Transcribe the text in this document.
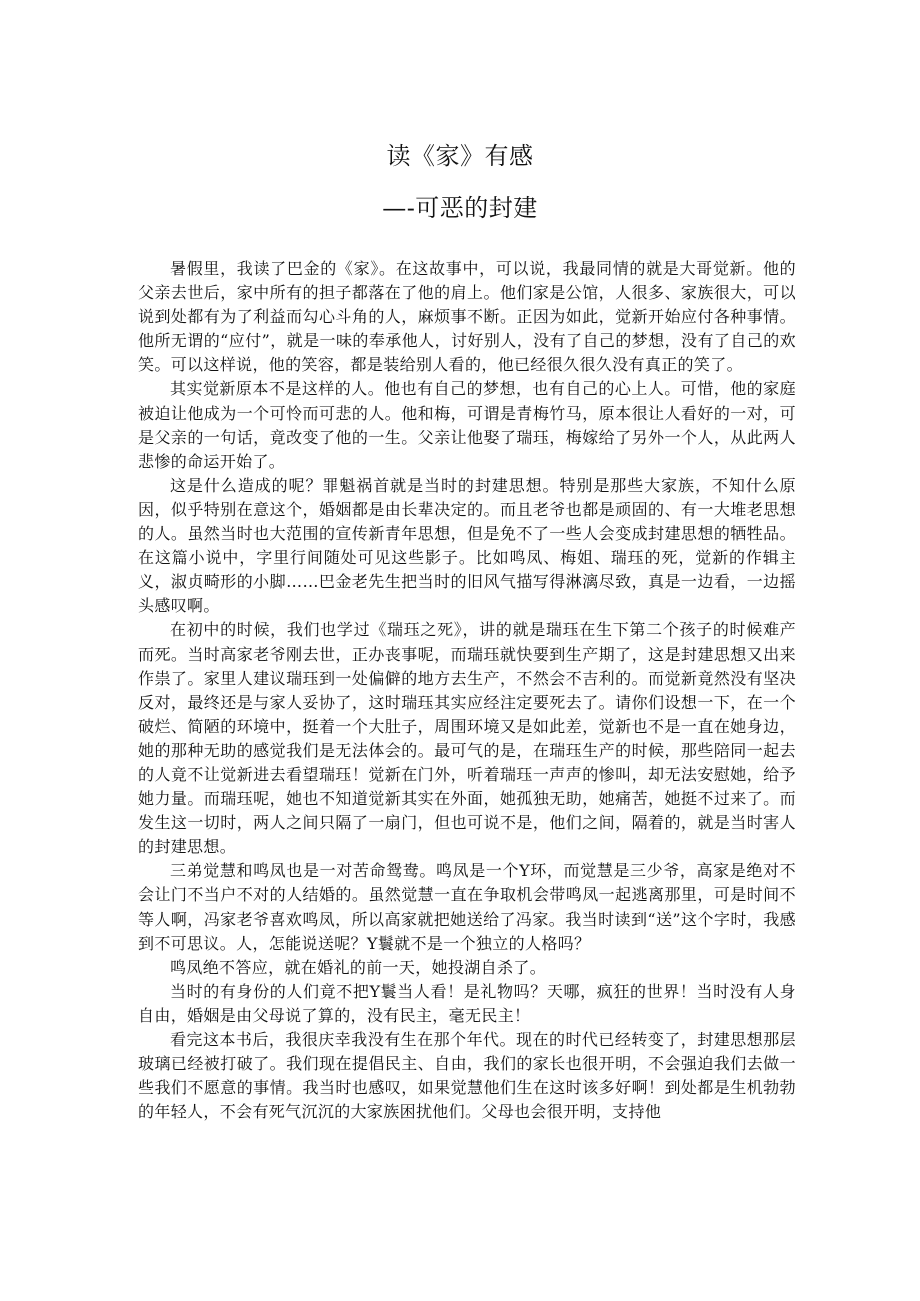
读《家》有感
—-可恶的封建

暑假里，我读了巴金的《家》。在这故事中，可以说，我最同情的就是大哥觉新。他的父亲去世后，家中所有的担子都落在了他的肩上。他们家是公馆，人很多、家族很大，可以说到处都有为了利益而勾心斗角的人，麻烦事不断。正因为如此，觉新开始应付各种事情。他所无谓的“应付”，就是一味的奉承他人，讨好别人，没有了自己的梦想，没有了自己的欢笑。可以这样说，他的笑容，都是装给别人看的，他已经很久很久没有真正的笑了。

其实觉新原本不是这样的人。他也有自己的梦想，也有自己的心上人。可惜，他的家庭被迫让他成为一个可怜而可悲的人。他和梅，可谓是青梅竹马，原本很让人看好的一对，可是父亲的一句话，竟改变了他的一生。父亲让他娶了瑞珏，梅嫁给了另外一个人，从此两人悲惨的命运开始了。

这是什么造成的呢？罪魁祸首就是当时的封建思想。特别是那些大家族，不知什么原因，似乎特别在意这个，婚姻都是由长辈决定的。而且老爷也都是顽固的、有一大堆老思想的人。虽然当时也大范围的宣传新青年思想，但是免不了一些人会变成封建思想的牺牲品。在这篇小说中，字里行间随处可见这些影子。比如鸣凤、梅姐、瑞珏的死，觉新的作辑主义，淑贞畸形的小脚……巴金老先生把当时的旧风气描写得淋漓尽致，真是一边看，一边摇头感叹啊。

在初中的时候，我们也学过《瑞珏之死》，讲的就是瑞珏在生下第二个孩子的时候难产而死。当时高家老爷刚去世，正办丧事呢，而瑞珏就快要到生产期了，这是封建思想又出来作祟了。家里人建议瑞珏到一处偏僻的地方去生产，不然会不吉利的。而觉新竟然没有坚决反对，最终还是与家人妥协了，这时瑞珏其实应经注定要死去了。请你们设想一下，在一个破烂、简陋的环境中，挺着一个大肚子，周围环境又是如此差，觉新也不是一直在她身边，她的那种无助的感觉我们是无法体会的。最可气的是，在瑞珏生产的时候，那些陪同一起去的人竟不让觉新进去看望瑞珏！觉新在门外，听着瑞珏一声声的惨叫，却无法安慰她，给予她力量。而瑞珏呢，她也不知道觉新其实在外面，她孤独无助，她痛苦，她挺不过来了。而发生这一切时，两人之间只隔了一扇门，但也可说不是，他们之间，隔着的，就是当时害人的封建思想。

三弟觉慧和鸣凤也是一对苦命鸳鸯。鸣凤是一个Y环，而觉慧是三少爷，高家是绝对不会让门不当户不对的人结婚的。虽然觉慧一直在争取机会带鸣凤一起逃离那里，可是时间不等人啊，冯家老爷喜欢鸣凤，所以高家就把她送给了冯家。我当时读到“送”这个字时，我感到不可思议。人，怎能说送呢？Y鬟就不是一个独立的人格吗？

鸣凤绝不答应，就在婚礼的前一天，她投湖自杀了。

当时的有身份的人们竟不把Y鬟当人看！是礼物吗？天哪，疯狂的世界！当时没有人身自由，婚姻是由父母说了算的，没有民主，毫无民主！

看完这本书后，我很庆幸我没有生在那个年代。现在的时代已经转变了，封建思想那层玻璃已经被打破了。我们现在提倡民主、自由，我们的家长也很开明，不会强迫我们去做一些我们不愿意的事情。我当时也感叹，如果觉慧他们生在这时该多好啊！到处都是生机勃勃的年轻人，不会有死气沉沉的大家族困扰他们。父母也会很开明，支持他
